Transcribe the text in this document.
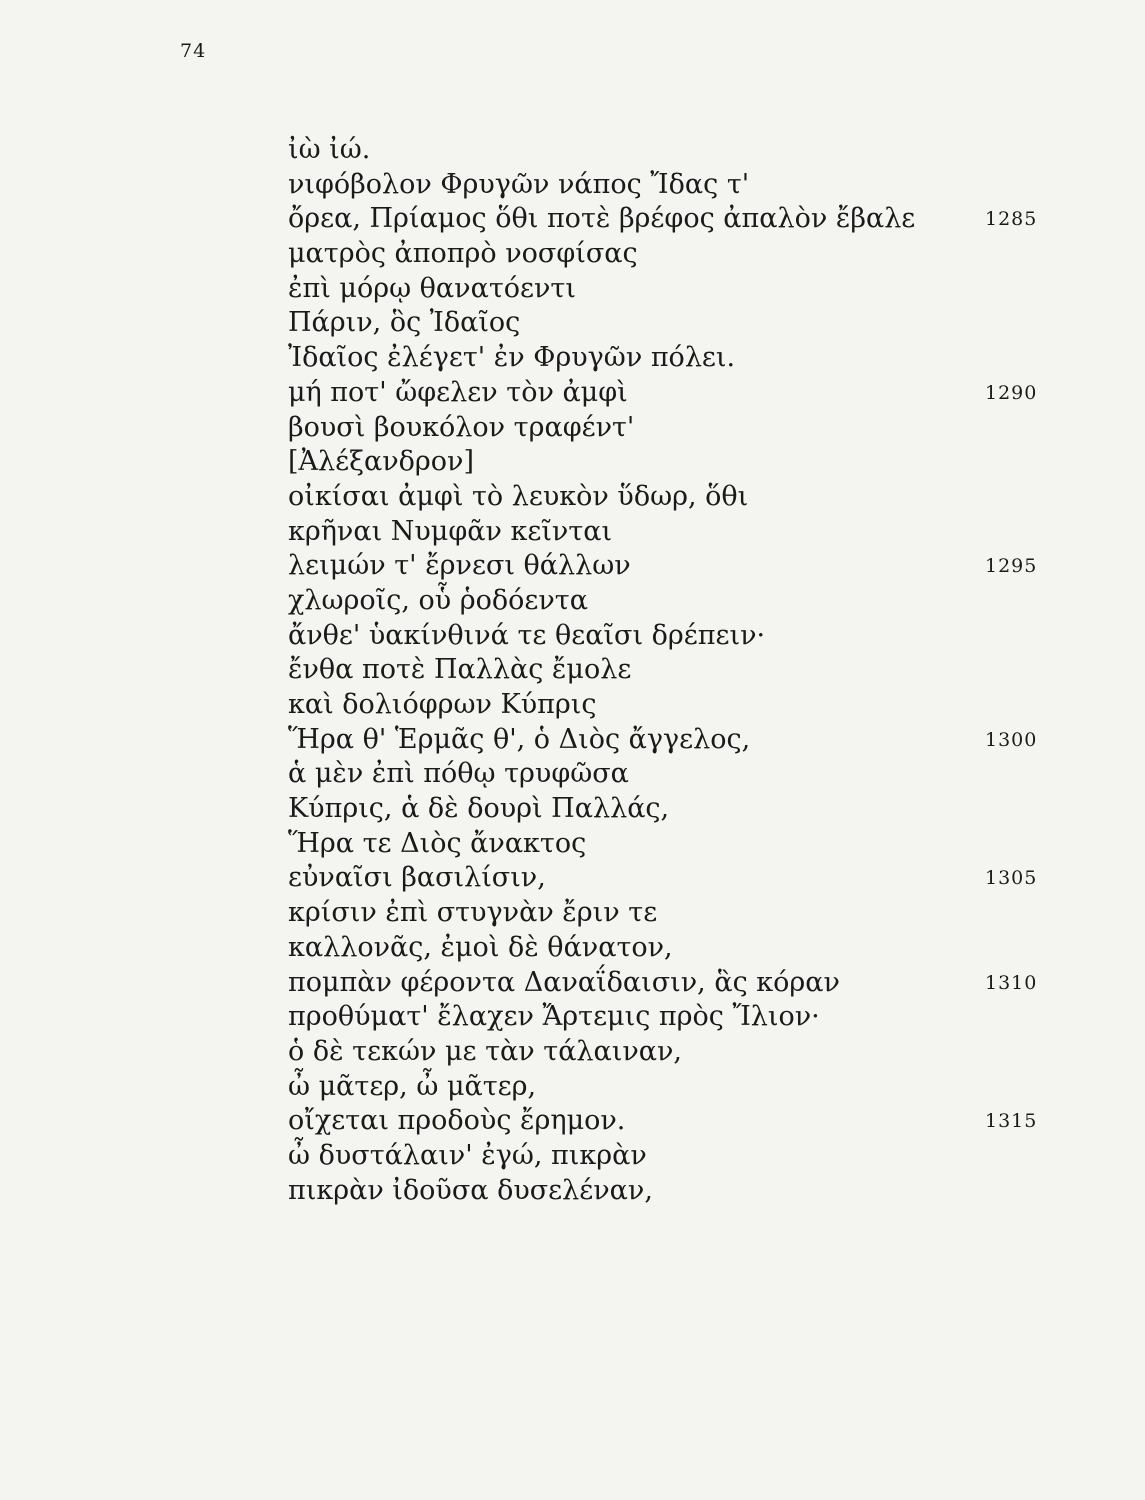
74
ἰὼ ἰώ.
νιφόβολον Φρυγῶν νάπος Ἴδας τ'
ὄρεα, Πρίαμος ὅθι ποτὲ βρέφος ἀπαλὸν ἔβαλε	1285
ματρὸς ἀποπρὸ νοσφίσας
ἐπὶ μόρῳ θανατόεντι
Πάριν, ὃς Ἰδαῖος
Ἰδαῖος ἐλέγετ' ἐν Φρυγῶν πόλει.
μή ποτ' ὤφελεν τὸν ἀμφὶ	1290
βουσὶ βουκόλον τραφέντ'
[Ἀλέξανδρον]
οἰκίσαι ἀμφὶ τὸ λευκὸν ὕδωρ, ὅθι
κρῆναι Νυμφᾶν κεῖνται
λειμών τ' ἔρνεσι θάλλων	1295
χλωροῖς, οὗ ῥοδόεντα
ἄνθε' ὑακίνθινά τε θεαῖσι δρέπειν·
ἔνθα ποτὲ Παλλὰς ἔμολε
καὶ δολιόφρων Κύπρις
Ἥρα θ' Ἑρμᾶς θ', ὁ Διὸς ἄγγελος,	1300
ἁ μὲν ἐπὶ πόθῳ τρυφῶσα
Κύπρις, ἁ δὲ δουρὶ Παλλάς,
Ἥρα τε Διὸς ἄνακτος
εὐναῖσι βασιλίσιν,	1305
κρίσιν ἐπὶ στυγνὰν ἔριν τε
καλλονᾶς, ἐμοὶ δὲ θάνατον,
πομπὰν φέροντα Δαναΐδαισιν, ἃς κόραν	1310
προθύματ' ἔλαχεν Ἄρτεμις πρὸς Ἴλιον·
ὁ δὲ τεκών με τὰν τάλαιναν,
ὦ μᾶτερ, ὦ μᾶτερ,
οἴχεται προδοὺς ἔρημον.	1315
ὦ δυστάλαιν' ἐγώ, πικρὰν
πικρὰν ἰδοῦσα δυσελέναν,
